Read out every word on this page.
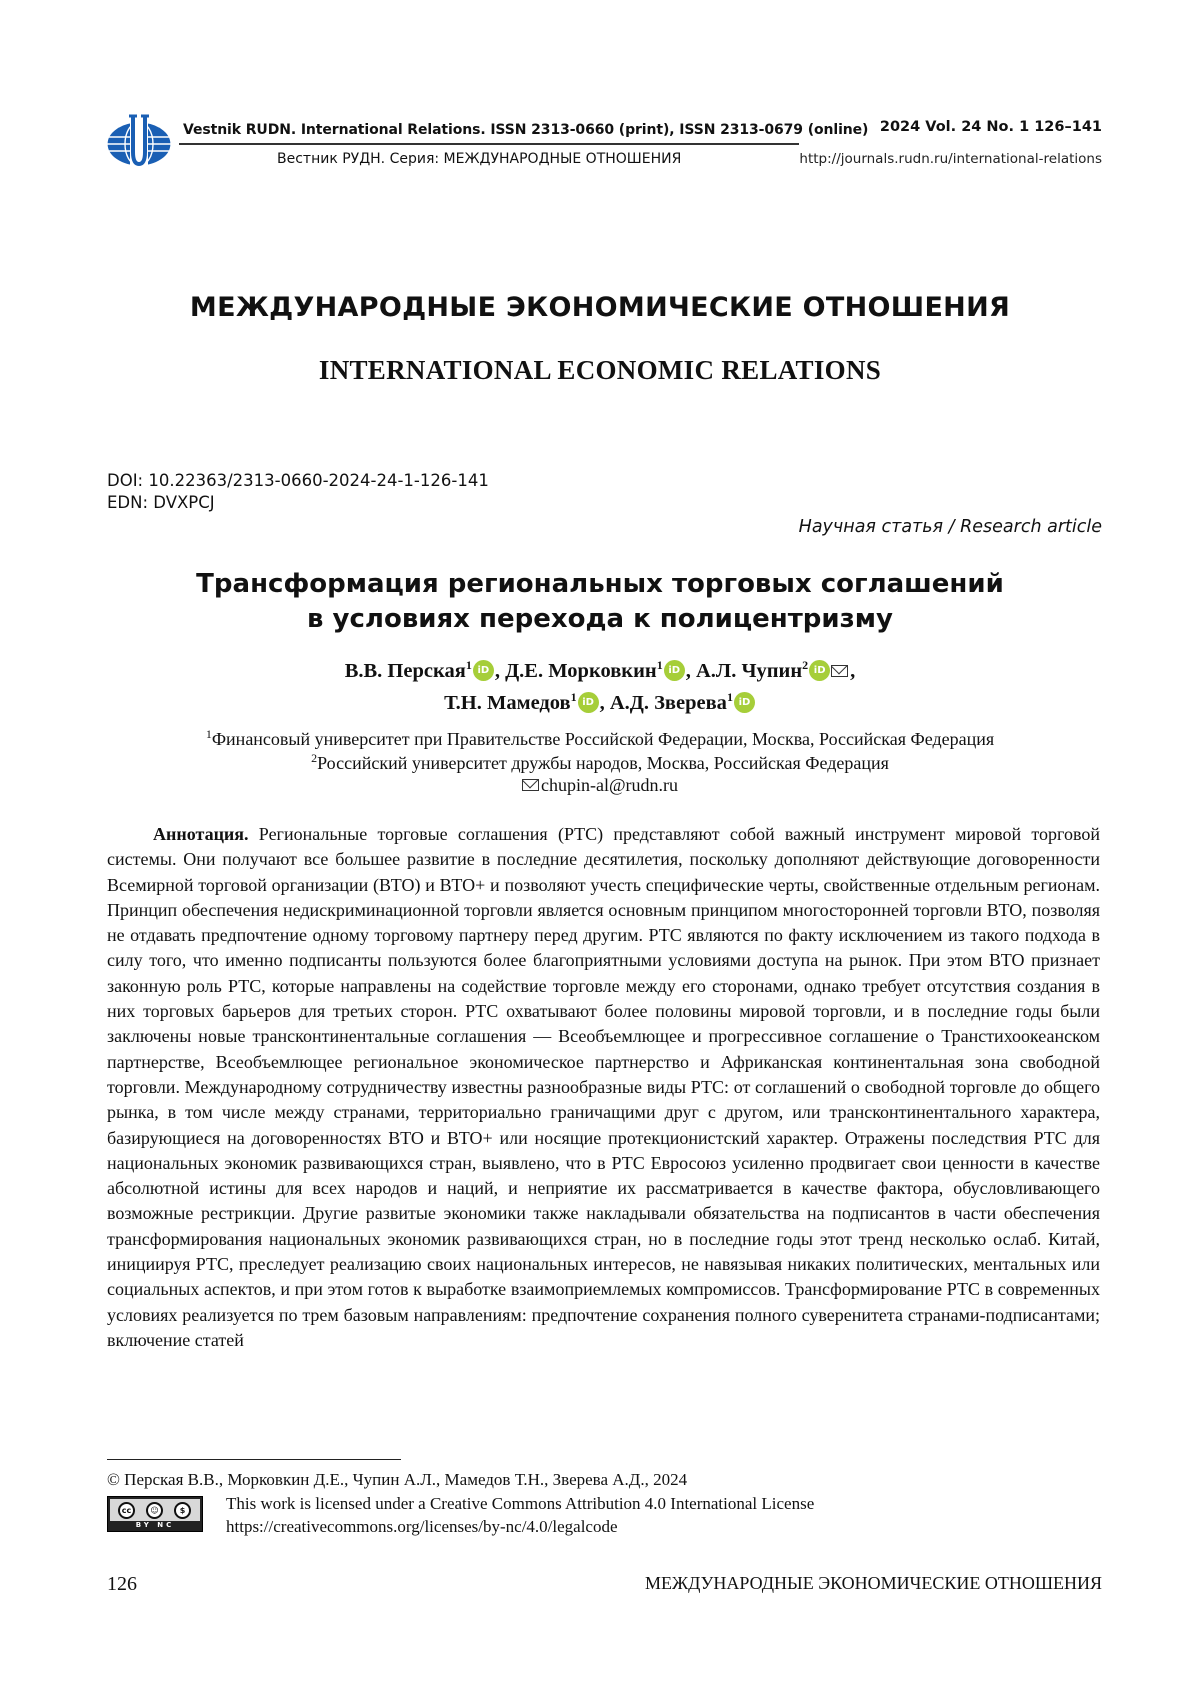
Vestnik RUDN. International Relations. ISSN 2313-0660 (print), ISSN 2313-0679 (online)
Вестник РУДН. Серия: МЕЖДУНАРОДНЫЕ ОТНОШЕНИЯ
2024 Vol. 24 No. 1 126–141
http://journals.rudn.ru/international-relations
МЕЖДУНАРОДНЫЕ ЭКОНОМИЧЕСКИЕ ОТНОШЕНИЯ
INTERNATIONAL ECONOMIC RELATIONS
DOI: 10.22363/2313-0660-2024-24-1-126-141
EDN: DVXPCJ
Научная статья / Research article
Трансформация региональных торговых соглашений
в условиях перехода к полицентризму
В.В. Перская1 iD , Д.Е. Морковкин1 iD , А.Л. Чупин2 iD ,
Т.Н. Мамедов1 iD , А.Д. Зверева1 iD
1Финансовый университет при Правительстве Российской Федерации, Москва, Российская Федерация
2Российский университет дружбы народов, Москва, Российская Федерация
chupin-al@rudn.ru

Аннотация. Региональные торговые соглашения (РТС) представляют собой важный инструмент мировой торговой системы. Они получают все большее развитие в последние десятилетия, поскольку дополняют действующие договоренности Всемирной торговой организации (ВТО) и ВТО+ и позволяют учесть специфические черты, свойственные отдельным регионам. Принцип обеспечения недискриминационной торговли является основным принципом многосторонней торговли ВТО, позволяя не отдавать предпочтение одному торговому партнеру перед другим. РТС являются по факту исключением из такого подхода в силу того, что именно подписанты пользуются более благоприятными условиями доступа на рынок. При этом ВТО признает законную роль РТС, которые направлены на содействие торговле между его сторонами, однако требует отсутствия создания в них торговых барьеров для третьих сторон. РТС охватывают более половины мировой торговли, и в последние годы были заключены новые трансконтинентальные соглашения — Всеобъемлющее и прогрессивное соглашение о Транстихоокеанском партнерстве, Всеобъемлющее региональное экономическое партнерство и Африканская континентальная зона свободной торговли. Международному сотрудничеству известны разнообразные виды РТС: от соглашений о свободной торговле до общего рынка, в том числе между странами, территориально граничащими друг с другом, или трансконтинентального характера, базирующиеся на договоренностях ВТО и ВТО+ или носящие протекционистский характер. Отражены последствия РТС для национальных экономик развивающихся стран, выявлено, что в РТС Евросоюз усиленно продвигает свои ценности в качестве абсолютной истины для всех народов и наций, и неприятие их рассматривается в качестве фактора, обусловливающего возможные рестрикции. Другие развитые экономики также накладывали обязательства на подписантов в части обеспечения трансформирования национальных экономик развивающихся стран, но в последние годы этот тренд несколько ослаб. Китай, инициируя РТС, преследует реализацию своих национальных интересов, не навязывая никаких политических, ментальных или социальных аспектов, и при этом готов к выработке взаимоприемлемых компромиссов. Трансформирование РТС в современных условиях реализуется по трем базовым направлениям: предпочтение сохранения полного суверенитета странами-подписантами; включение статей

© Перская В.В., Морковкин Д.Е., Чупин А.Л., Мамедов Т.Н., Зверева А.Д., 2024
cc	☺	$
BY NC
This work is licensed under a Creative Commons Attribution 4.0 International License
https://creativecommons.org/licenses/by-nc/4.0/legalcode
126	МЕЖДУНАРОДНЫЕ ЭКОНОМИЧЕСКИЕ ОТНОШЕНИЯ
